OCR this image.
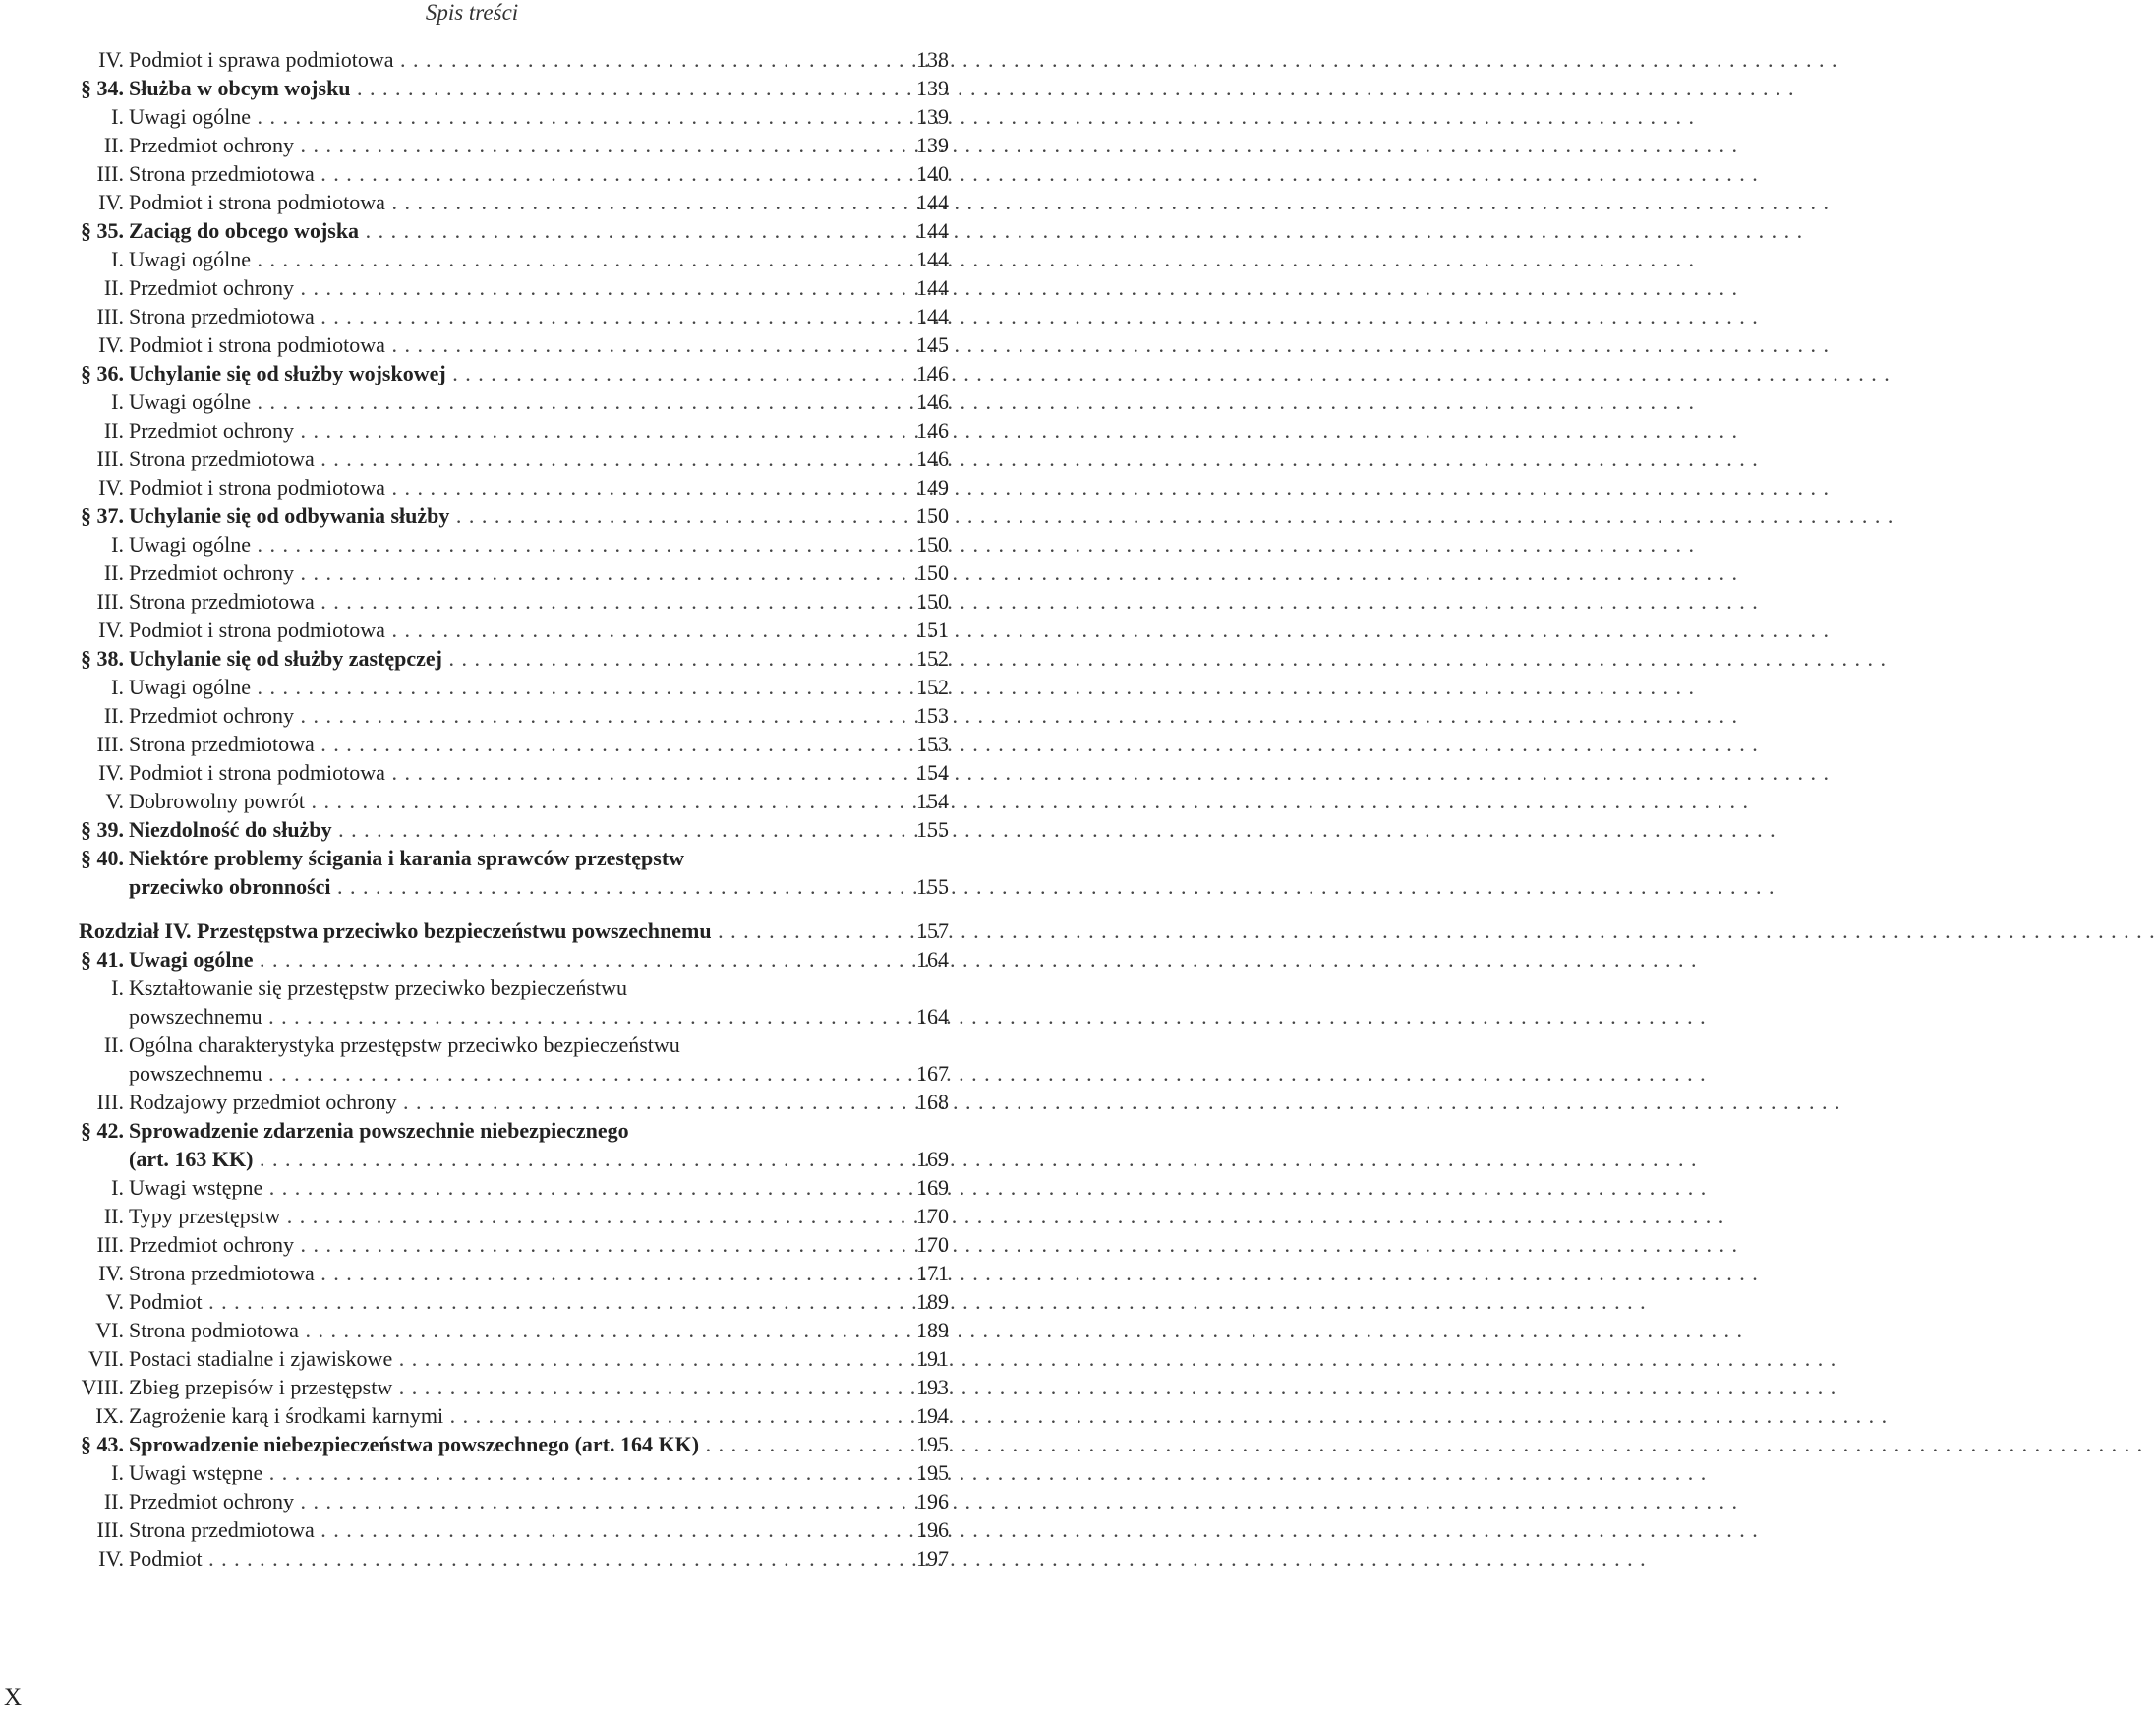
Spis treści
IV. Podmiot i sprawa podmiotowa . . .	138
§ 34. Służba w obcym wojsku . . .	139
I. Uwagi ogólne . . .	139
II. Przedmiot ochrony . . .	139
III. Strona przedmiotowa . . .	140
IV. Podmiot i strona podmiotowa . . .	144
§ 35. Zaciąg do obcego wojska . . .	144
I. Uwagi ogólne . . .	144
II. Przedmiot ochrony . . .	144
III. Strona przedmiotowa . . .	144
IV. Podmiot i strona podmiotowa . . .	145
§ 36. Uchylanie się od służby wojskowej . . .	146
I. Uwagi ogólne . . .	146
II. Przedmiot ochrony . . .	146
III. Strona przedmiotowa . . .	146
IV. Podmiot i strona podmiotowa . . .	149
§ 37. Uchylanie się od odbywania służby . . .	150
I. Uwagi ogólne . . .	150
II. Przedmiot ochrony . . .	150
III. Strona przedmiotowa . . .	150
IV. Podmiot i strona podmiotowa . . .	151
§ 38. Uchylanie się od służby zastępczej . . .	152
I. Uwagi ogólne . . .	152
II. Przedmiot ochrony . . .	153
III. Strona przedmiotowa . . .	153
IV. Podmiot i strona podmiotowa . . .	154
V. Dobrowolny powrót . . .	154
§ 39. Niezdolność do służby . . .	155
§ 40. Niektóre problemy ścigania i karania sprawców przestępstw
przeciwko obronności . . .	155
Rozdział IV. Przestępstwa przeciwko bezpieczeństwu powszechnemu . . .	157
§ 41. Uwagi ogólne . . .	164
I. Kształtowanie się przestępstw przeciwko bezpieczeństwu
powszechnemu . . .	164
II. Ogólna charakterystyka przestępstw przeciwko bezpieczeństwu
powszechnemu . . .	167
III. Rodzajowy przedmiot ochrony . . .	168
§ 42. Sprowadzenie zdarzenia powszechnie niebezpiecznego
(art. 163 KK) . . .	169
I. Uwagi wstępne . . .	169
II. Typy przestępstw . . .	170
III. Przedmiot ochrony . . .	170
IV. Strona przedmiotowa . . .	171
V. Podmiot . . .	189
VI. Strona podmiotowa . . .	189
VII. Postaci stadialne i zjawiskowe . . .	191
VIII. Zbieg przepisów i przestępstw . . .	193
IX. Zagrożenie karą i środkami karnymi . . .	194
§ 43. Sprowadzenie niebezpieczeństwa powszechnego (art. 164 KK) . . .	195
I. Uwagi wstępne . . .	195
II. Przedmiot ochrony . . .	196
III. Strona przedmiotowa . . .	196
IV. Podmiot . . .	197
X
